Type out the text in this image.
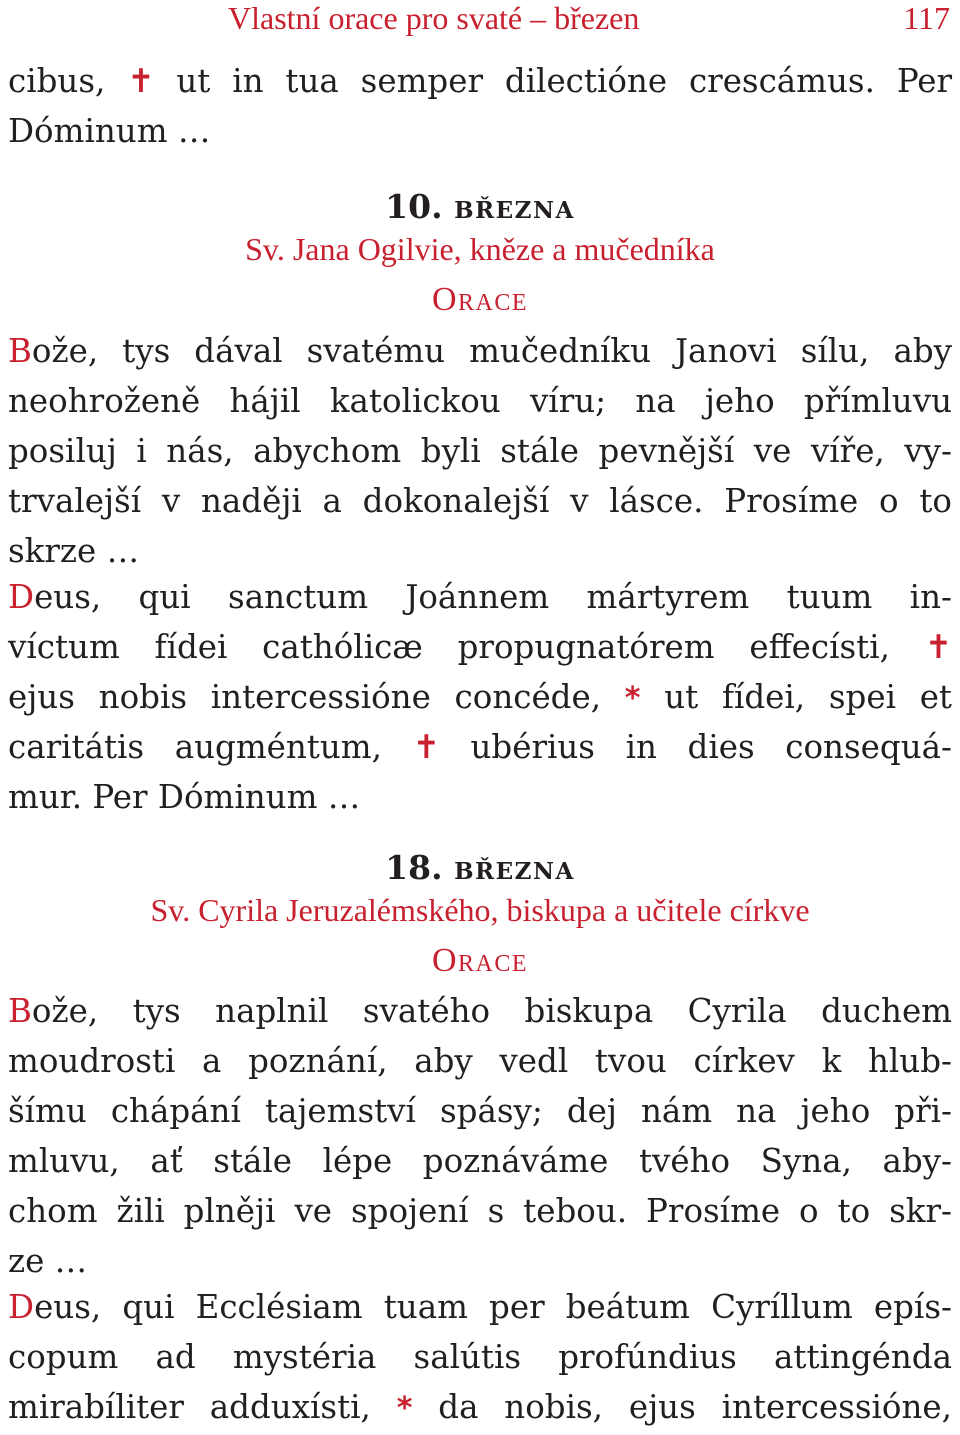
Vlastní orace pro svaté – březen	117
cibus, ✝ ut in tua semper dilectióne crescámus. Per
Dóminum …
10. března
Sv. Jana Ogilvie, kněze a mučedníka
Orace
Bože, tys dával svatému mučedníku Janovi sílu, aby
neohroženě hájil katolickou víru; na jeho přímluvu
posiluj i nás, abychom byli stále pevnější ve víře, vy-
trvalejší v naději a dokonalejší v lásce. Prosíme o to
skrze …
Deus, qui sanctum Joánnem mártyrem tuum in-
víctum fídei cathólicæ propugnatórem effecísti, ✝
ejus nobis intercessióne concéde, * ut fídei, spei et
caritátis augméntum, ✝ ubérius in dies consequá-
mur. Per Dóminum …
18. března
Sv. Cyrila Jeruzalémského, biskupa a učitele církve
Orace
Bože, tys naplnil svatého biskupa Cyrila duchem
moudrosti a poznání, aby vedl tvou církev k hlub-
šímu chápání tajemství spásy; dej nám na jeho při-
mluvu, ať stále lépe poznáváme tvého Syna, aby-
chom žili plněji ve spojení s tebou. Prosíme o to skr-
ze …
Deus, qui Ecclésiam tuam per beátum Cyríllum epís-
copum ad mystéria salútis profúndius attingénda
mirabíliter adduxísti, * da nobis, ejus intercessióne,
